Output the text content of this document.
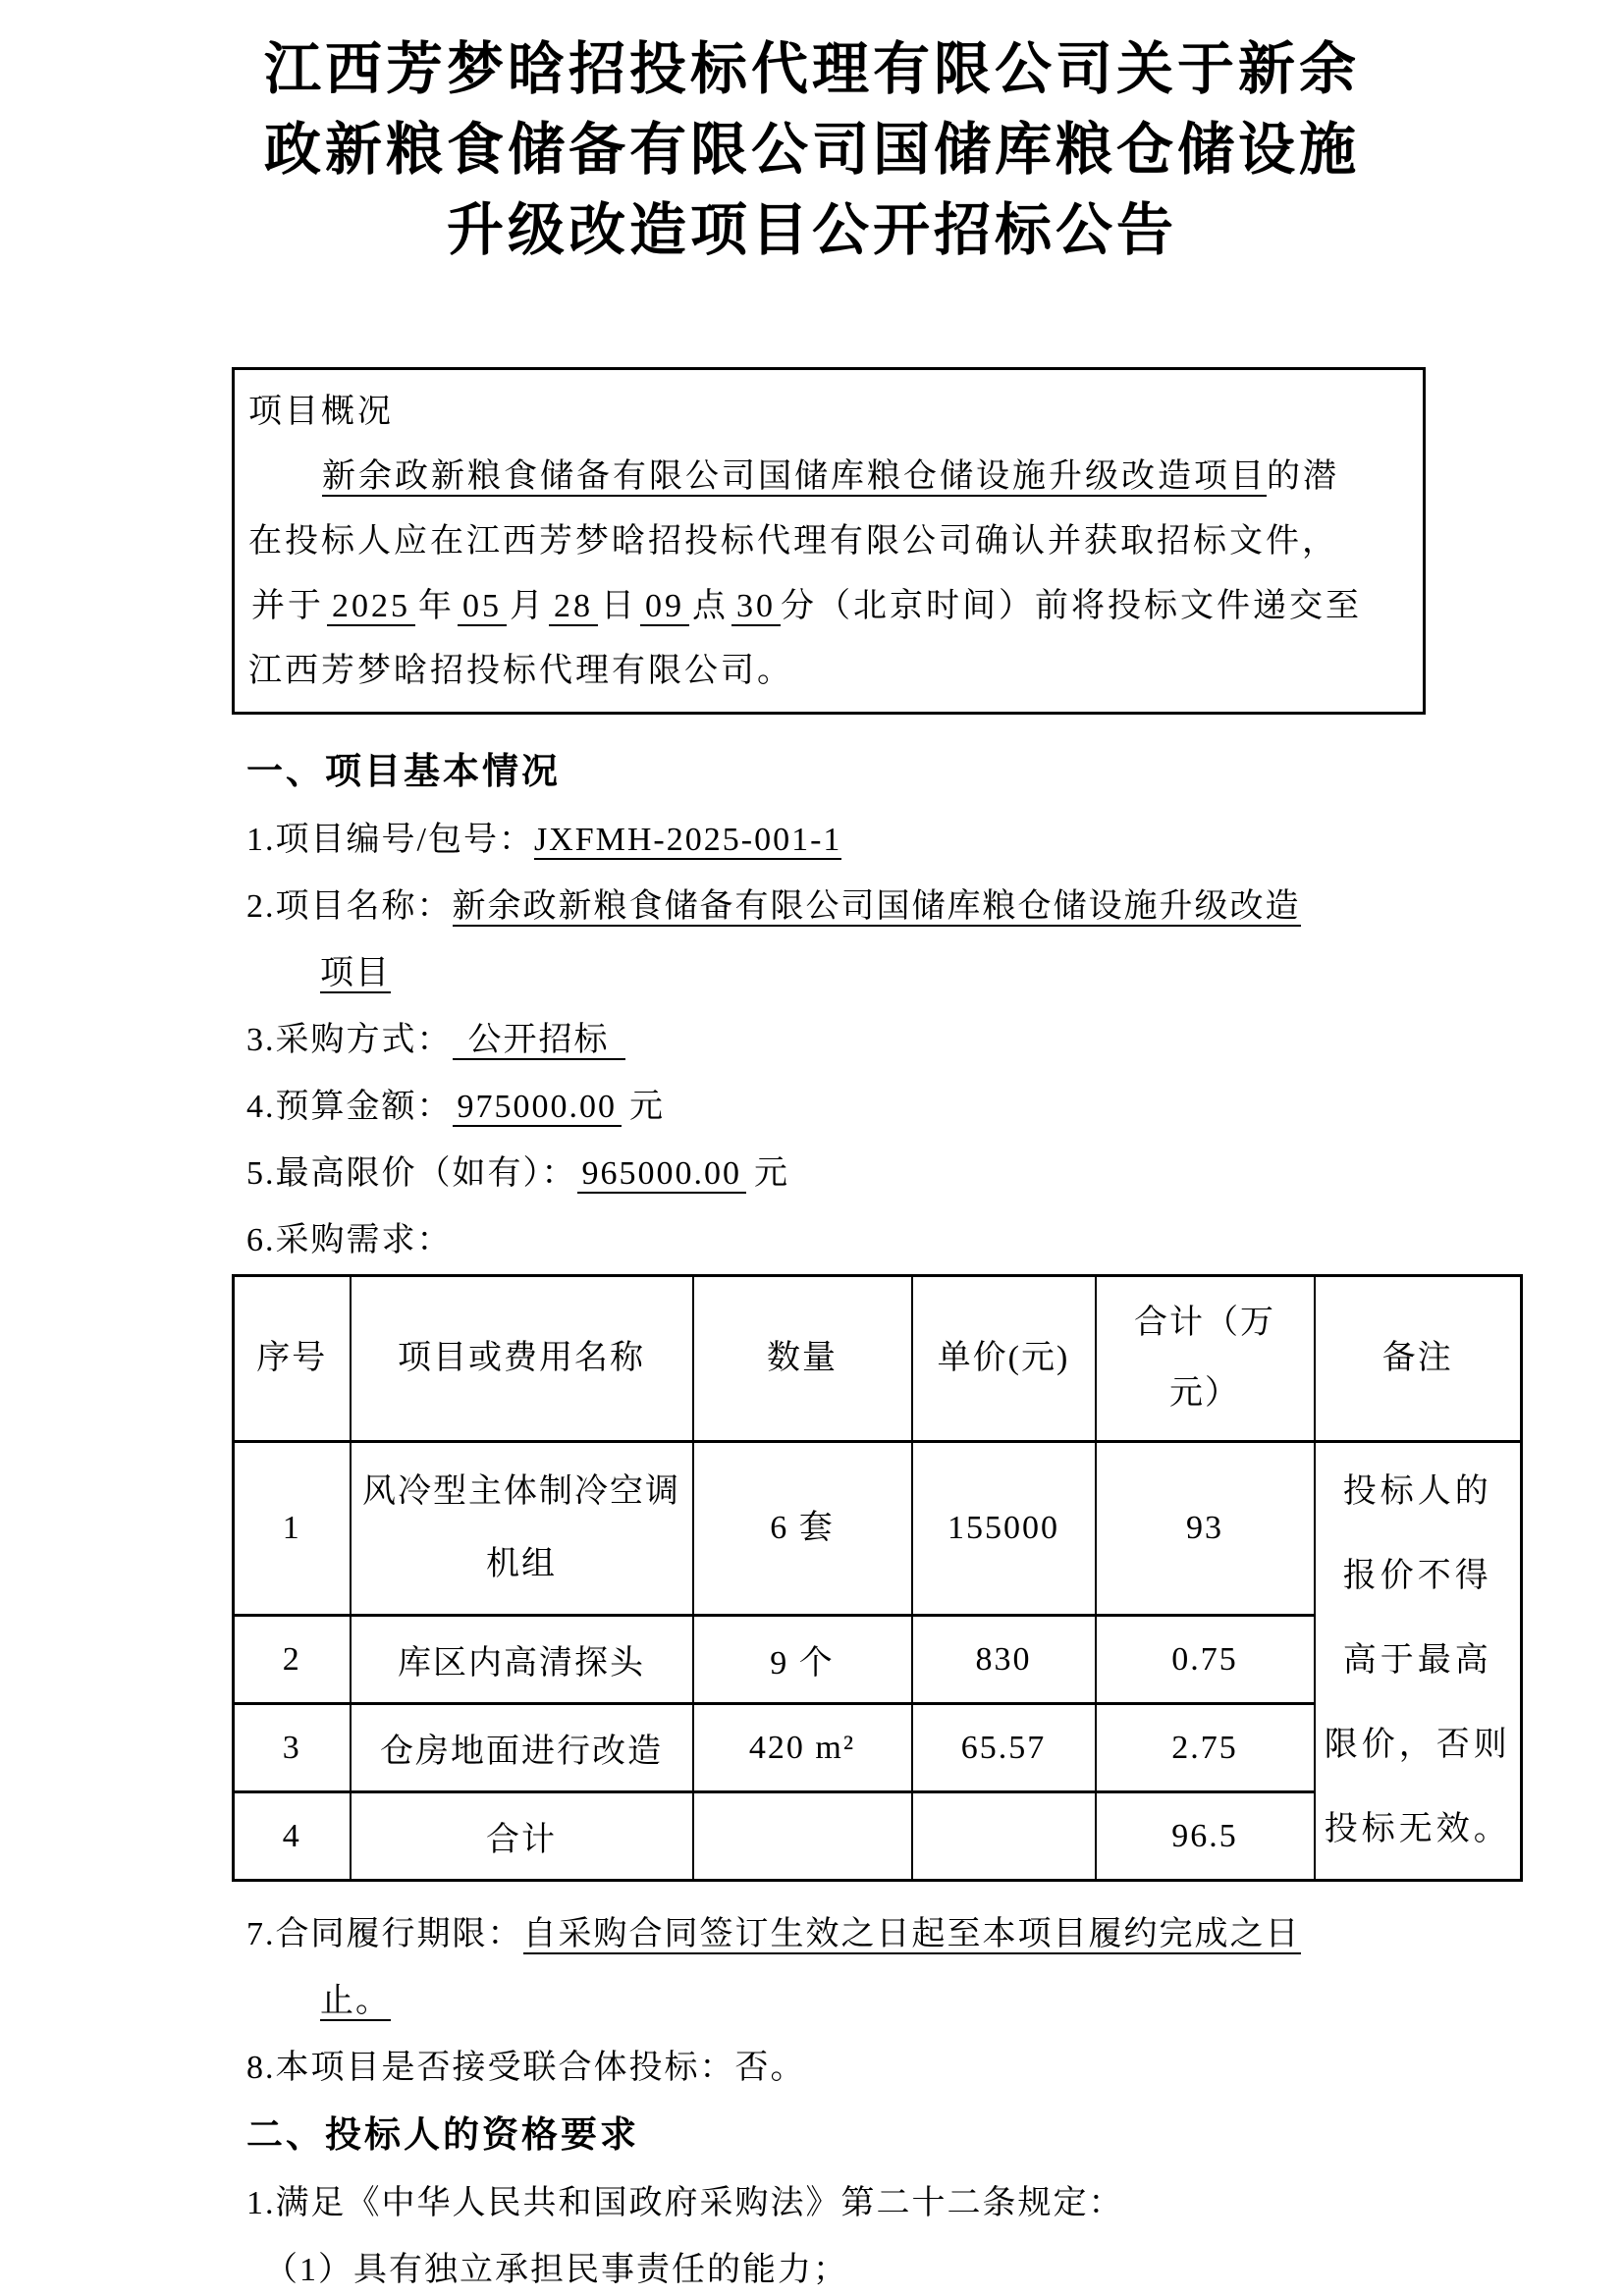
江西芳梦晗招投标代理有限公司关于新余
政新粮食储备有限公司国储库粮仓储设施
升级改造项目公开招标公告
项目概况
新余政新粮食储备有限公司国储库粮仓储设施升级改造项目的潜
在投标人应在江西芳梦晗招投标代理有限公司确认并获取招标文件，
并于 2025 年 05 月 28 日 09 点 30 分（北京时间）前将投标文件递交至
江西芳梦晗招投标代理有限公司。
一、项目基本情况
1.项目编号/包号：JXFMH-2025-001-1
2.项目名称：新余政新粮食储备有限公司国储库粮仓储设施升级改造
项目
3.采购方式： 公开招标
4.预算金额： 975000.00 元
5.最高限价（如有）： 965000.00 元
6.采购需求：
序号	项目或费用名称	数量	单价(元)	合计（万元）	备注
1	风冷型主体制冷空调机组	6 套	155000	93	投标人的
报价不得
高于最高
限价，否则
投标无效。

2	库区内高清探头	9 个	830	0.75	
3	仓房地面进行改造	420 m²	65.57	2.75	
4	合计			96.5	
7.合同履行期限：自采购合同签订生效之日起至本项目履约完成之日
止。
8.本项目是否接受联合体投标：否。
二、投标人的资格要求
1.满足《中华人民共和国政府采购法》第二十二条规定：
（1）具有独立承担民事责任的能力；
